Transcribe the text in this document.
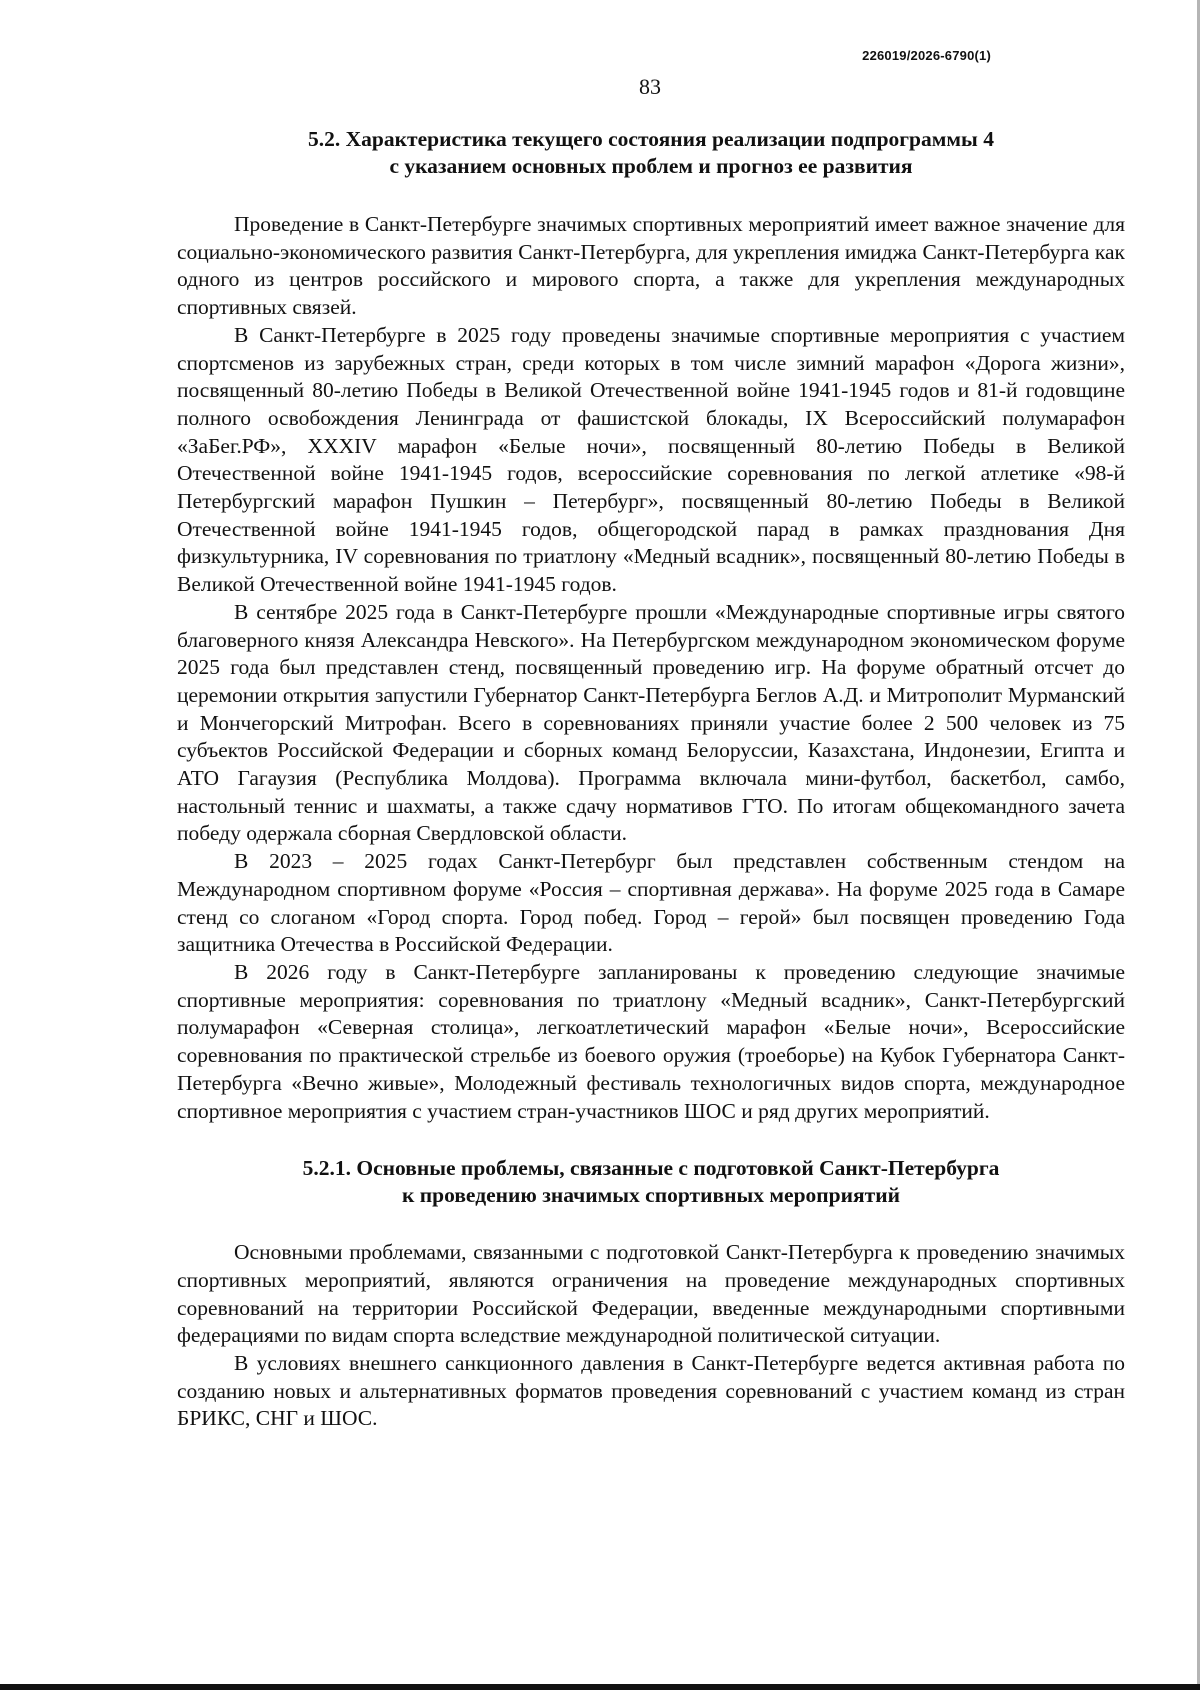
226019/2026-6790(1)
83
5.2. Характеристика текущего состояния реализации подпрограммы 4
с указанием основных проблем и прогноз ее развития

Проведение в Санкт-Петербурге значимых спортивных мероприятий имеет важное значение для социально-экономического развития Санкт-Петербурга, для укрепления имиджа Санкт-Петербурга как одного из центров российского и мирового спорта, а также для укрепления международных спортивных связей.

В Санкт-Петербурге в 2025 году проведены значимые спортивные мероприятия с участием спортсменов из зарубежных стран, среди которых в том числе зимний марафон «Дорога жизни», посвященный 80-летию Победы в Великой Отечественной войне 1941-1945 годов и 81-й годовщине полного освобождения Ленинграда от фашистской блокады, IX Всероссийский полумарафон «ЗаБег.РФ», XXXIV марафон «Белые ночи», посвященный 80-летию Победы в Великой Отечественной войне 1941-1945 годов, всероссийские соревнования по легкой атлетике «98-й Петербургский марафон Пушкин – Петербург», посвященный 80-летию Победы в Великой Отечественной войне 1941-1945 годов, общегородской парад в рамках празднования Дня физкультурника, IV соревнования по триатлону «Медный всадник», посвященный 80-летию Победы в Великой Отечественной войне 1941-1945 годов.

В сентябре 2025 года в Санкт-Петербурге прошли «Международные спортивные игры святого благоверного князя Александра Невского». На Петербургском международном экономическом форуме 2025 года был представлен стенд, посвященный проведению игр. На форуме обратный отсчет до церемонии открытия запустили Губернатор Санкт-Петербурга Беглов А.Д. и Митрополит Мурманский и Мончегорский Митрофан. Всего в соревнованиях приняли участие более 2 500 человек из 75 субъектов Российской Федерации и сборных команд Белоруссии, Казахстана, Индонезии, Египта и АТО Гагаузия (Республика Молдова). Программа включала мини-футбол, баскетбол, самбо, настольный теннис и шахматы, а также сдачу нормативов ГТО. По итогам общекомандного зачета победу одержала сборная Свердловской области.

В 2023 – 2025 годах Санкт-Петербург был представлен собственным стендом на Международном спортивном форуме «Россия – спортивная держава». На форуме 2025 года в Самаре стенд со слоганом «Город спорта. Город побед. Город – герой» был посвящен проведению Года защитника Отечества в Российской Федерации.

В 2026 году в Санкт-Петербурге запланированы к проведению следующие значимые спортивные мероприятия: соревнования по триатлону «Медный всадник», Санкт-Петербургский полумарафон «Северная столица», легкоатлетический марафон «Белые ночи», Всероссийские соревнования по практической стрельбе из боевого оружия (троеборье) на Кубок Губернатора Санкт-Петербурга «Вечно живые», Молодежный фестиваль технологичных видов спорта, международное спортивное мероприятия с участием стран-участников ШОС и ряд других мероприятий.

5.2.1. Основные проблемы, связанные с подготовкой Санкт-Петербурга
к проведению значимых спортивных мероприятий

Основными проблемами, связанными с подготовкой Санкт-Петербурга к проведению значимых спортивных мероприятий, являются ограничения на проведение международных спортивных соревнований на территории Российской Федерации, введенные международными спортивными федерациями по видам спорта вследствие международной политической ситуации.

В условиях внешнего санкционного давления в Санкт-Петербурге ведется активная работа по созданию новых и альтернативных форматов проведения соревнований с участием команд из стран БРИКС, СНГ и ШОС.
